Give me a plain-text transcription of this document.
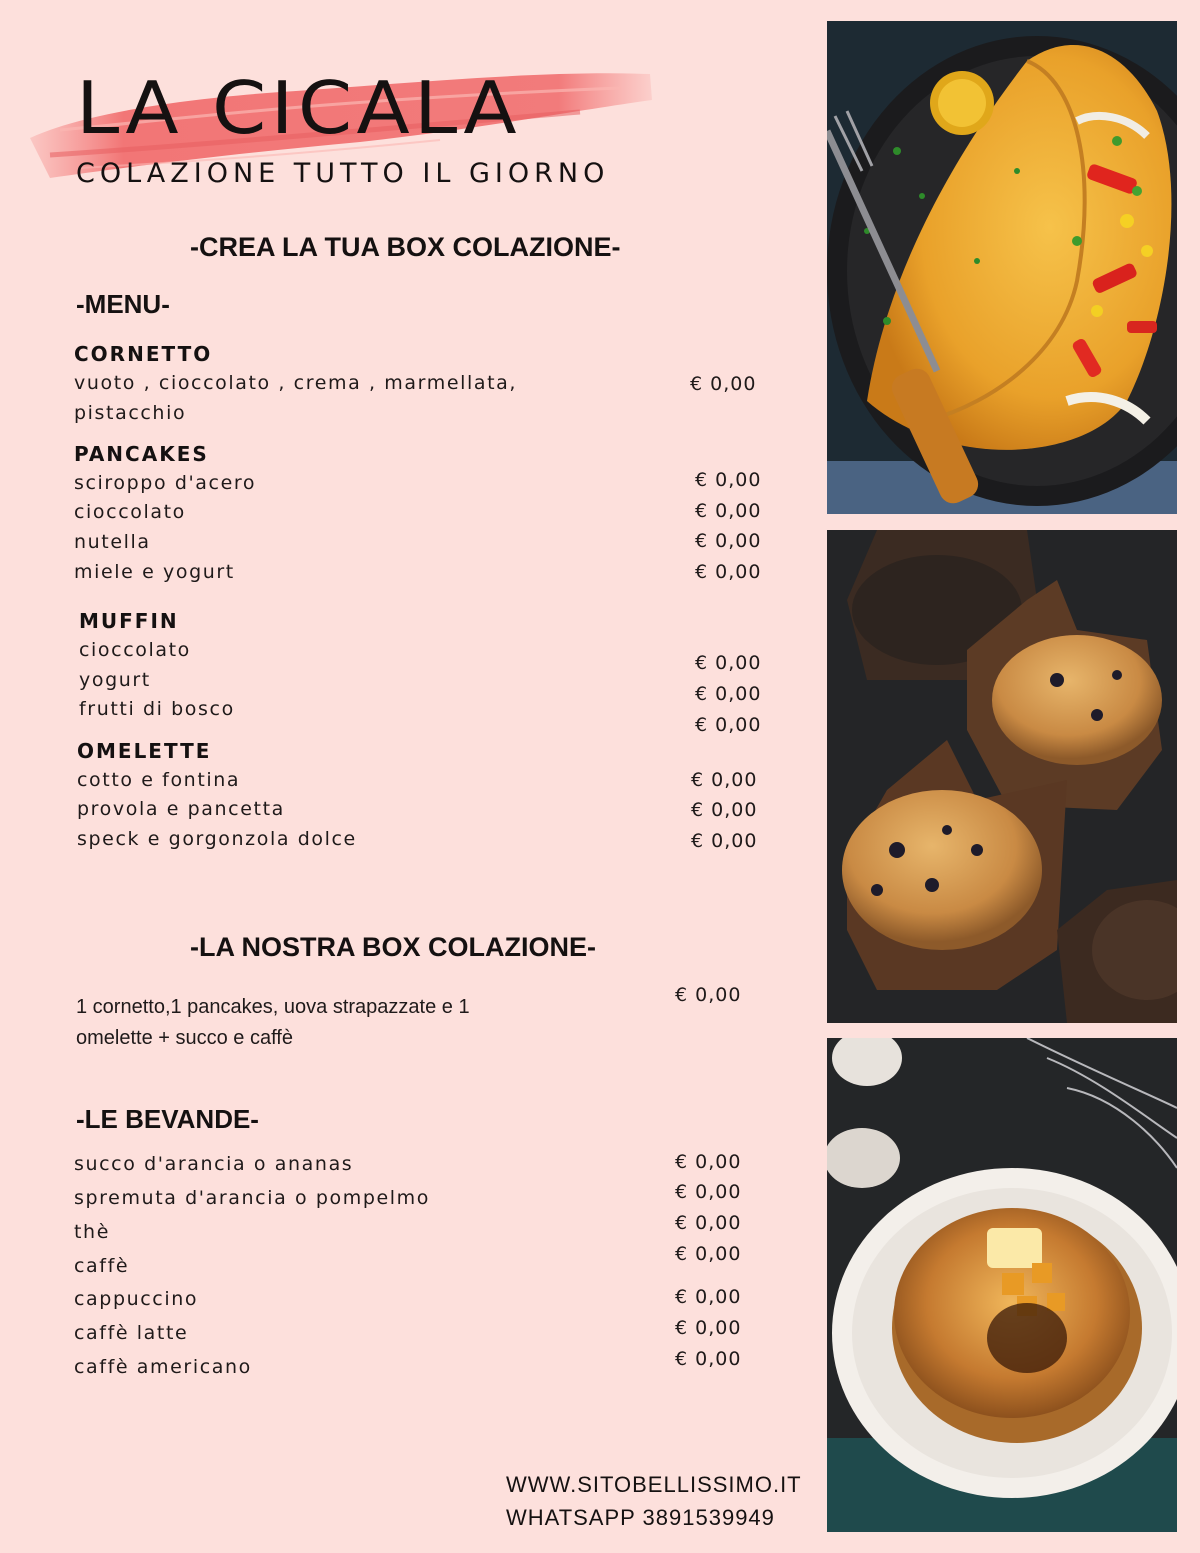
LA CICALA
COLAZIONE TUTTO IL GIORNO
-CREA LA TUA BOX COLAZIONE-
-MENU-
CORNETTO
vuoto , cioccolato , crema , marmellata,
pistacchio
€ 0,00
PANCAKES
sciroppo d'acero	€ 0,00
cioccolato	€ 0,00
nutella	€ 0,00
miele e yogurt	€ 0,00
MUFFIN
cioccolato
€ 0,00
yogurt
€ 0,00
frutti di bosco
€ 0,00
OMELETTE
cotto e fontina	€ 0,00
provola e pancetta	€ 0,00
speck e gorgonzola dolce	€ 0,00
-LA NOSTRA BOX COLAZIONE-
1 cornetto,1 pancakes, uova strapazzate e 1
omelette + succo e caffè
€ 0,00
-LE BEVANDE-
succo d'arancia o ananas	€ 0,00
spremuta d'arancia o pompelmo	€ 0,00
thè	€ 0,00
caffè
€ 0,00
cappuccino	€ 0,00
caffè latte	€ 0,00
caffè americano	€ 0,00
WWW.SITOBELLISSIMO.IT
WHATSAPP 3891539949
